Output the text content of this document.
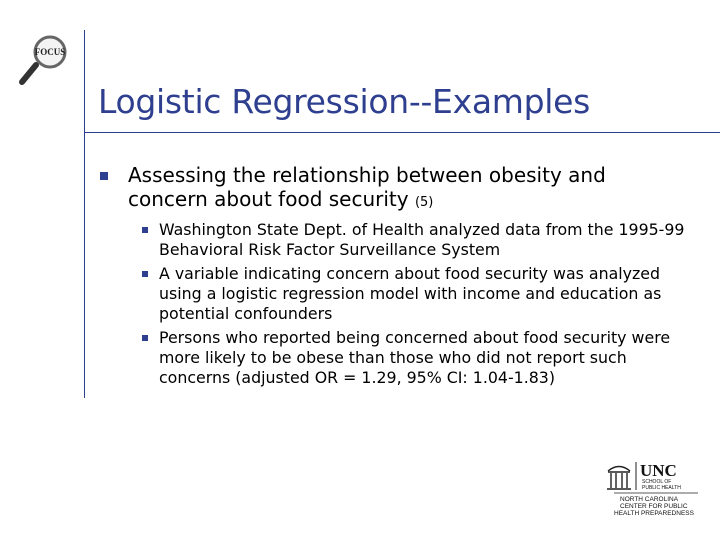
FOCUS
Logistic Regression--Examples
Assessing the relationship between obesity and concern about food security (5)
Washington State Dept. of Health analyzed data from the 1995-99 Behavioral Risk Factor Surveillance System
A variable indicating concern about food security was analyzed using a logistic regression model with income and education as potential confounders
Persons who reported being concerned about food security were more likely to be obese than those who did not report such concerns (adjusted OR = 1.29, 95% CI: 1.04-1.83)
UNC
SCHOOL OF
PUBLIC HEALTH
NORTH CAROLINA
CENTER FOR PUBLIC
HEALTH PREPAREDNESS
